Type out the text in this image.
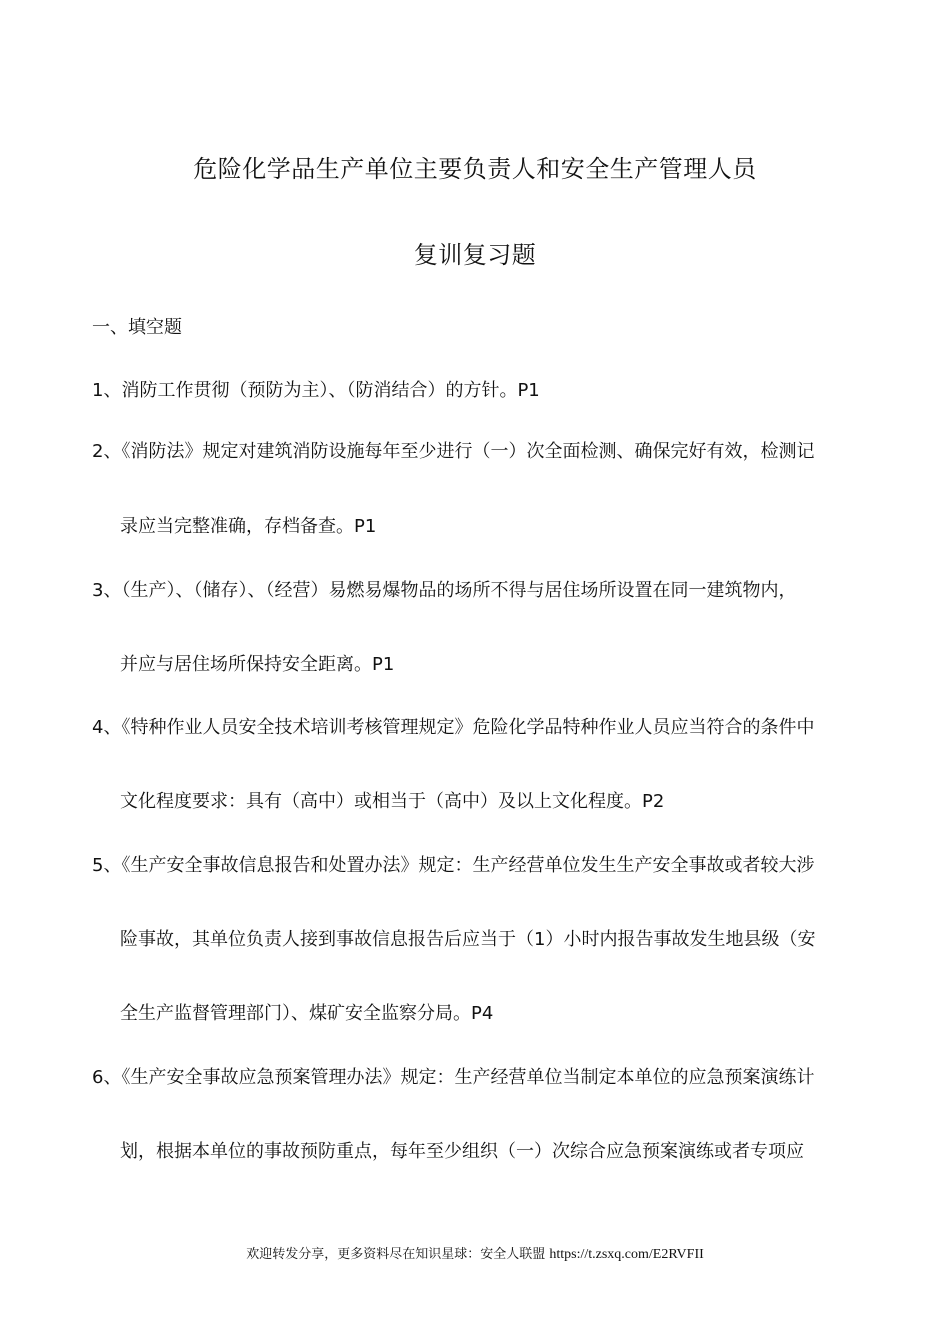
危险化学品生产单位主要负责人和安全生产管理人员
复训复习题
一、填空题
1、消防工作贯彻（预防为主）、（防消结合）的方针。P1
2、《消防法》规定对建筑消防设施每年至少进行（一）次全面检测、确保完好有效，检测记
录应当完整准确，存档备查。P1
3、（生产）、（储存）、（经营）易燃易爆物品的场所不得与居住场所设置在同一建筑物内，
并应与居住场所保持安全距离。P1
4、《特种作业人员安全技术培训考核管理规定》危险化学品特种作业人员应当符合的条件中
文化程度要求：具有（高中）或相当于（高中）及以上文化程度。P2
5、《生产安全事故信息报告和处置办法》规定：生产经营单位发生生产安全事故或者较大涉
险事故，其单位负责人接到事故信息报告后应当于（1）小时内报告事故发生地县级（安
全生产监督管理部门）、煤矿安全监察分局。P4
6、《生产安全事故应急预案管理办法》规定：生产经营单位当制定本单位的应急预案演练计
划，根据本单位的事故预防重点，每年至少组织（一）次综合应急预案演练或者专项应
欢迎转发分享，更多资料尽在知识星球：安全人联盟 https://t.zsxq.com/E2RVFII
